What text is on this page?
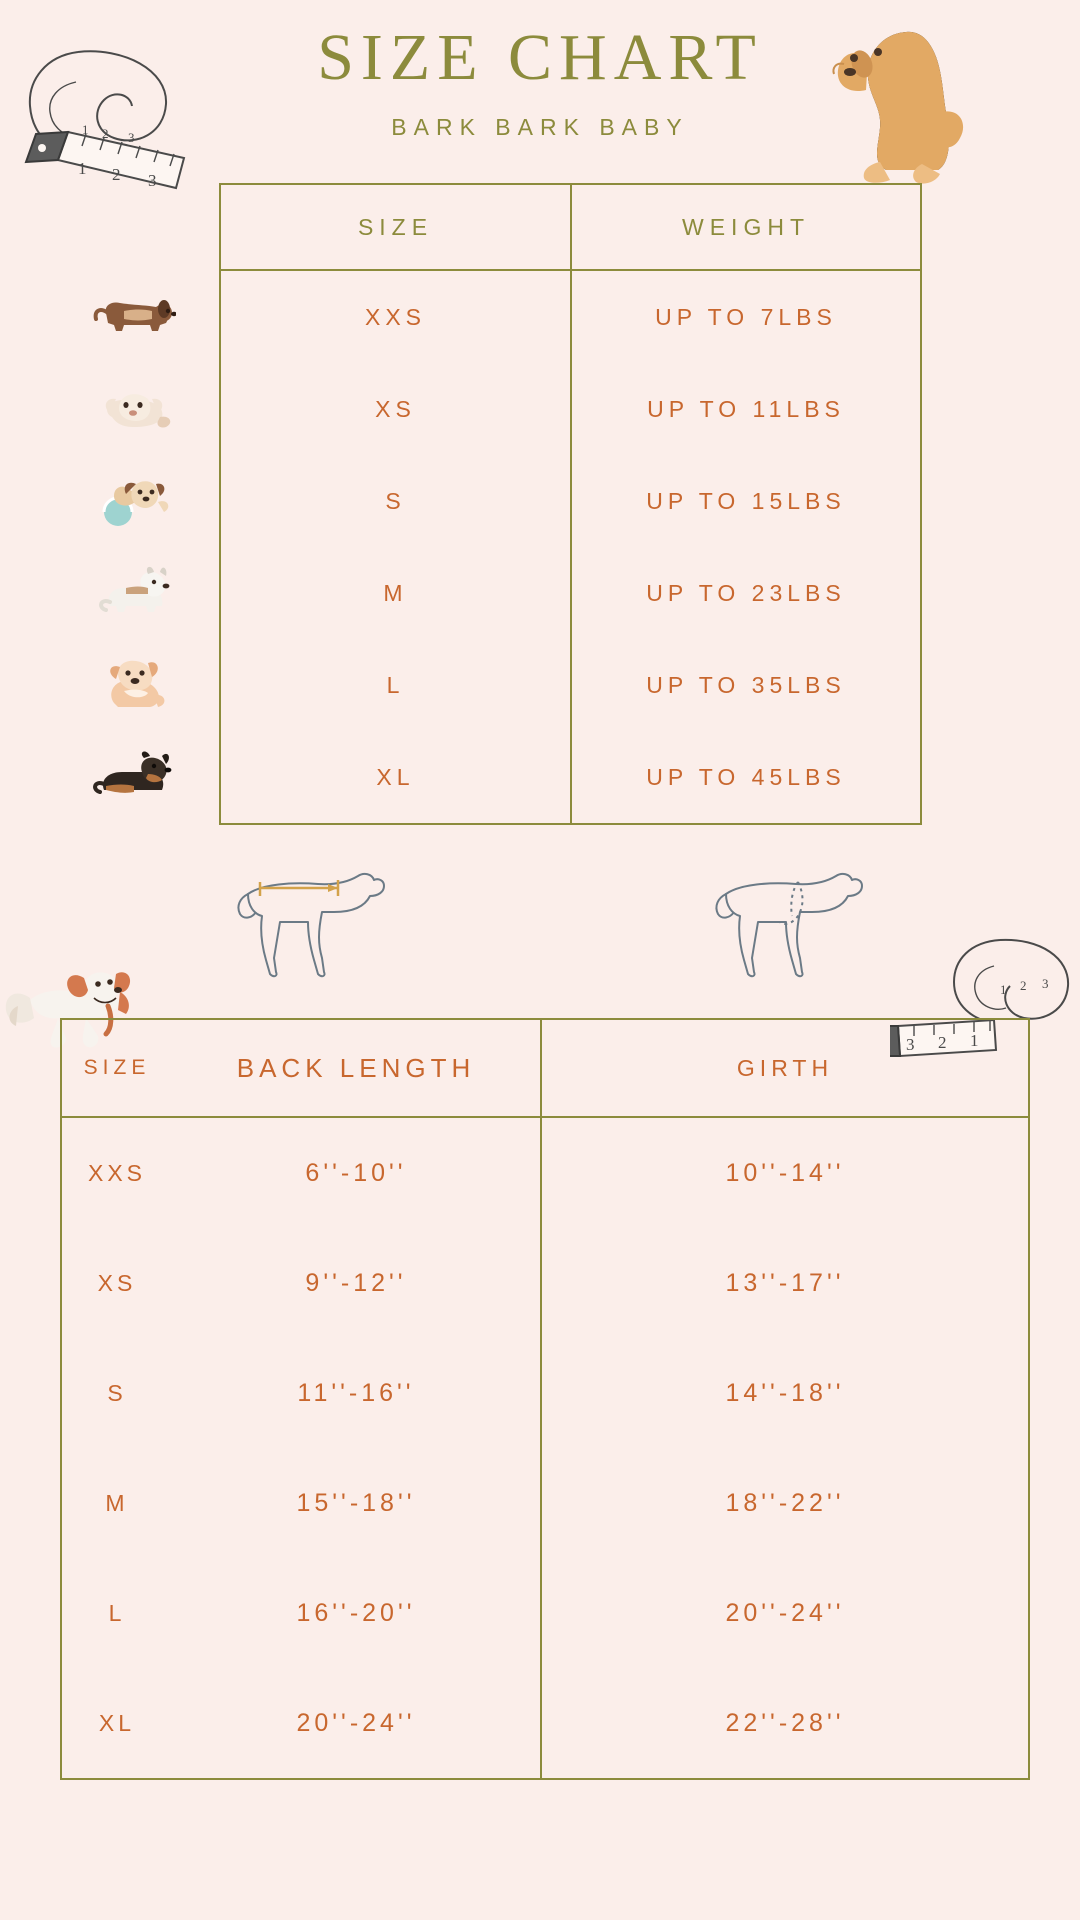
1 2 3
1 2 3
SIZE CHART
BARK BARK BABY
SIZE	WEIGHT
XXS	UP TO 7LBS
XS	UP TO 11LBS
S	UP TO 15LBS
M	UP TO 23LBS
L	UP TO 35LBS
XL	UP TO 45LBS
3 2 1
1 2 3
SIZE	BACK LENGTH	GIRTH
XXS	6''-10''	10''-14''
XS	9''-12''	13''-17''
S	11''-16''	14''-18''
M	15''-18''	18''-22''
L	16''-20''	20''-24''
XL	20''-24''	22''-28''
